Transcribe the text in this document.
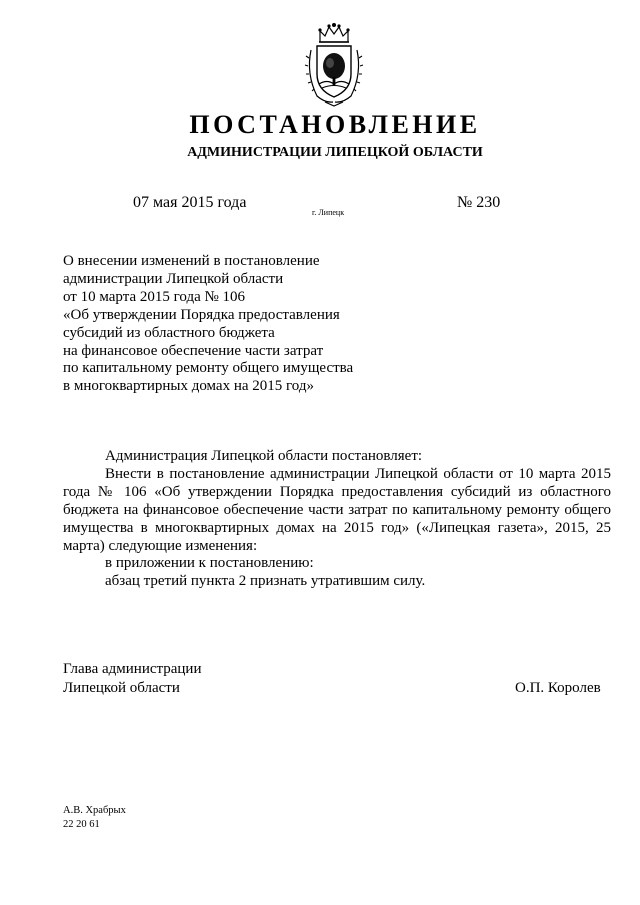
ПОСТАНОВЛЕНИЕ
АДМИНИСТРАЦИИ ЛИПЕЦКОЙ ОБЛАСТИ
07 мая 2015 года
г. Липецк
№ 230
О внесении изменений в постановление
администрации Липецкой области
от 10 марта 2015 года № 106
«Об утверждении Порядка предоставления
субсидий из областного бюджета
на финансовое обеспечение части затрат
по капитальному ремонту общего имущества
в многоквартирных домах на 2015 год»
Администрация Липецкой области постановляет:
Внести в постановление администрации Липецкой области от 10 марта 2015 года № 106 «Об утверждении Порядка предоставления субсидий из областного бюджета на финансовое обеспечение части затрат по капитальному ремонту общего имущества в многоквартирных домах на 2015 год» («Липецкая газета», 2015, 25 марта) следующие изменения:
в приложении к постановлению:
абзац третий пункта 2 признать утратившим силу.
Глава администрации
Липецкой области	О.П. Королев
А.В. Храбрых
22 20 61
